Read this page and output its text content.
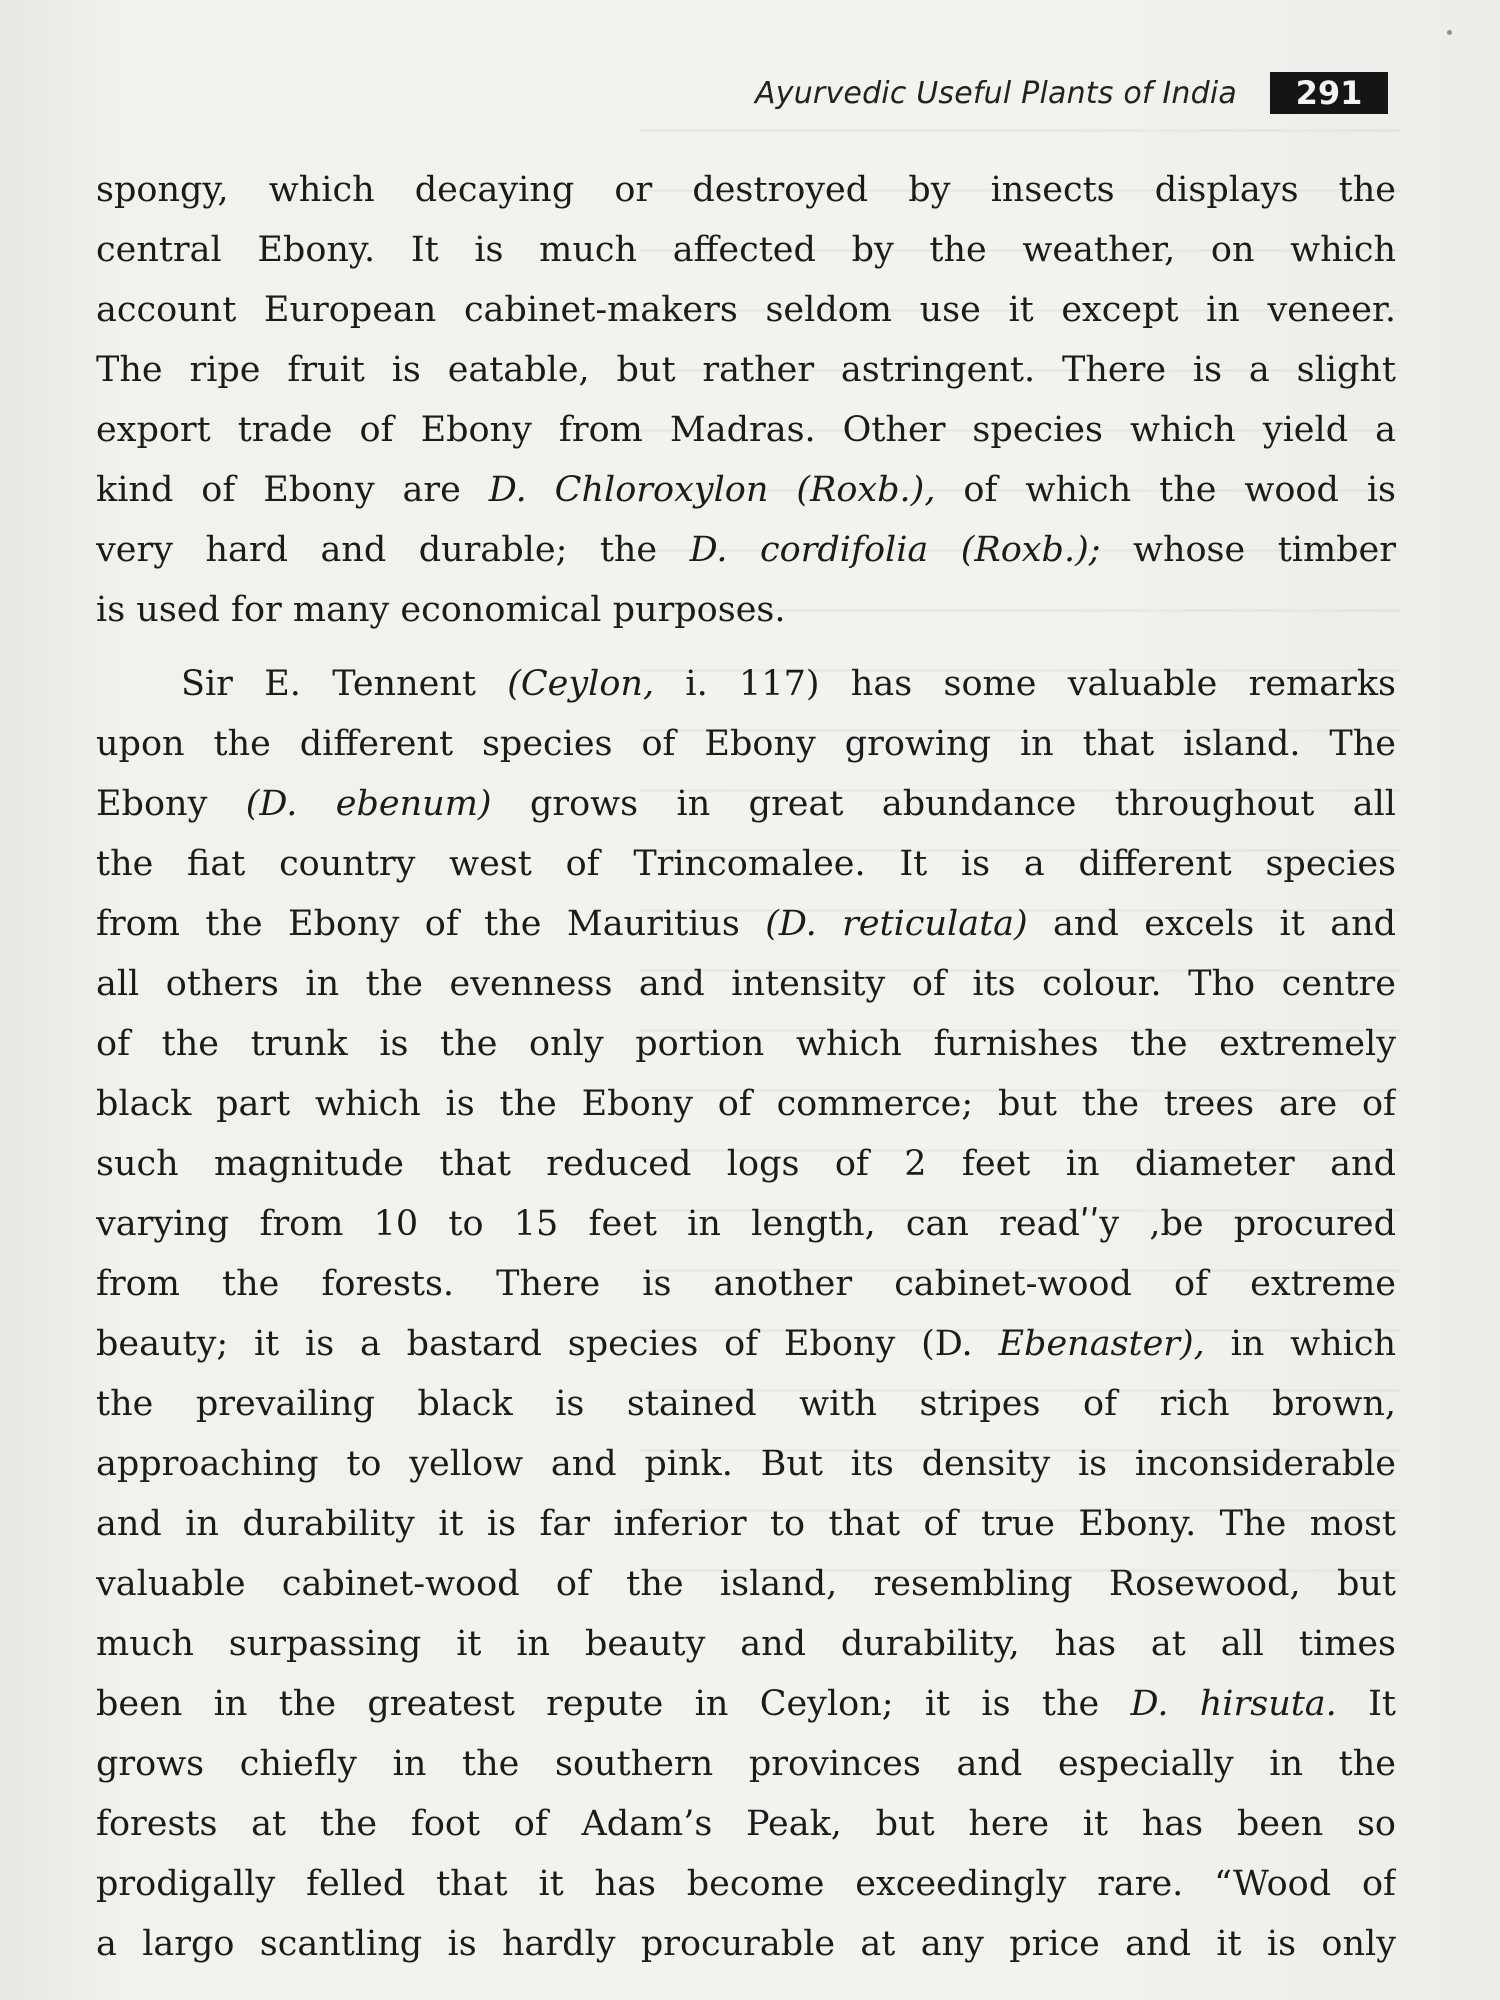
Ayurvedic Useful Plants of India	291
spongy, which decaying or destroyed by insects displays the
central Ebony. It is much affected by the weather, on which
account European cabinet-makers seldom use it except in veneer.
The ripe fruit is eatable, but rather astringent. There is a slight
export trade of Ebony from Madras. Other species which yield a
kind of Ebony are D. Chloroxylon (Roxb.), of which the wood is
very hard and durable; the D. cordifolia (Roxb.); whose timber
is used for many economical purposes.
Sir E. Tennent (Ceylon, i. 117) has some valuable remarks
upon the different species of Ebony growing in that island. The
Ebony (D. ebenum) grows in great abundance throughout all
the fiat country west of Trincomalee. It is a different species
from the Ebony of the Mauritius (D. reticulata) and excels it and
all others in the evenness and intensity of its colour. Tho centre
of the trunk is the only portion which furnishes the extremely
black part which is the Ebony of commerce; but the trees are of
such magnitude that reduced logs of 2 feet in diameter and
varying from 10 to 15 feet in length, can readʹʹy ,be procured
from the forests. There is another cabinet-wood of extreme
beauty; it is a bastard species of Ebony (D. Ebenaster), in which
the prevailing black is stained with stripes of rich brown,
approaching to yellow and pink. But its density is inconsiderable
and in durability it is far inferior to that of true Ebony. The most
valuable cabinet-wood of the island, resembling Rosewood, but
much surpassing it in beauty and durability, has at all times
been in the greatest repute in Ceylon; it is the D. hirsuta. It
grows chiefly in the southern provinces and especially in the
forests at the foot of Adam’s Peak, but here it has been so
prodigally felled that it has become exceedingly rare. “Wood of
a largo scantling is hardly procurable at any price and it is only
